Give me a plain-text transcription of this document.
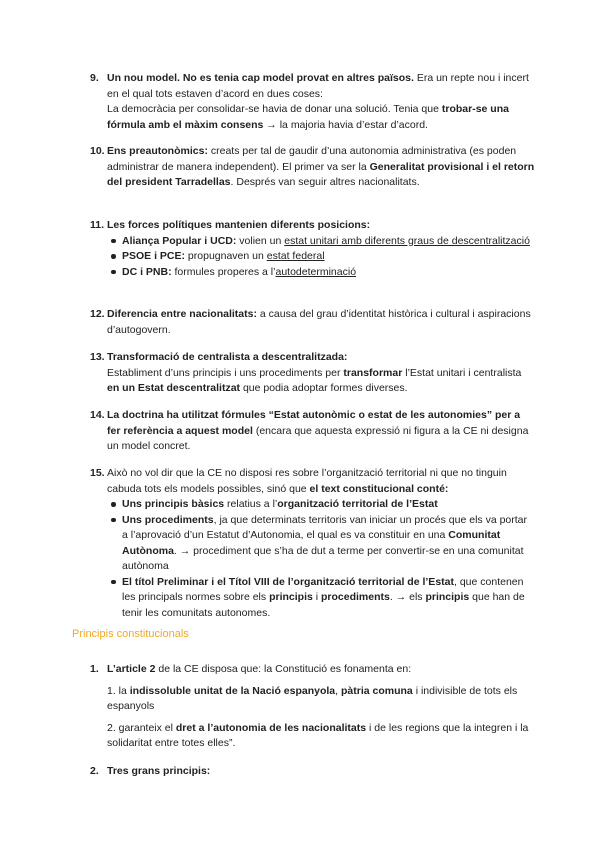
9. Un nou model. No es tenia cap model provat en altres països. Era un repte nou i incert en el qual tots estaven d’acord en dues coses:
La democràcia per consolidar-se havia de donar una solució. Tenia que trobar-se una fórmula amb el màxim consens → la majoria havia d’estar d’acord.
10. Ens preautonòmics: creats per tal de gaudir d’una autonomia administrativa (es poden administrar de manera independent). El primer va ser la Generalitat provisional i el retorn del president Tarradellas. Després van seguir altres nacionalitats.
11. Les forces polítiques mantenien diferents posicions:
Aliança Popular i UCD: volien un estat unitari amb diferents graus de descentralització
PSOE i PCE: propugnaven un estat federal
DC i PNB: formules properes a l’autodeterminació
12. Diferencia entre nacionalitats: a causa del grau d’identitat històrica i cultural i aspiracions d’autogovern.
13. Transformació de centralista a descentralitzada:
Establiment d’uns principis i uns procediments per transformar l’Estat unitari i centralista en un Estat descentralitzat que podia adoptar formes diverses.
14. La doctrina ha utilitzat fórmules “Estat autonòmic o estat de les autonomies” per a fer referència a aquest model (encara que aquesta expressió ni figura a la CE ni designa un model concret.
15. Això no vol dir que la CE no disposi res sobre l’organització territorial ni que no tinguin cabuda tots els models possibles, sinó que el text constitucional conté:
Uns principis bàsics relatius a l’organització territorial de l’Estat
Uns procediments, ja que determinats territoris van iniciar un procés que els va portar a l’aprovació d’un Estatut d’Autonomia, el qual es va constituir en una Comunitat Autònoma. → procediment que s’ha de dut a terme per convertir-se en una comunitat autònoma
El títol Preliminar i el Títol VIII de l’organització territorial de l’Estat, que contenen les principals normes sobre els principis i procediments. → els principis que han de tenir les comunitats autonomes.
Principis constitucionals
1. L’article 2 de la CE disposa que: la Constitució es fonamenta en:
1. la indissoluble unitat de la Nació espanyola, pàtria comuna i indivisible de tots els espanyols
2. garanteix el dret a l’autonomia de les nacionalitats i de les regions que la integren i la solidaritat entre totes elles”.
2. Tres grans principis:
